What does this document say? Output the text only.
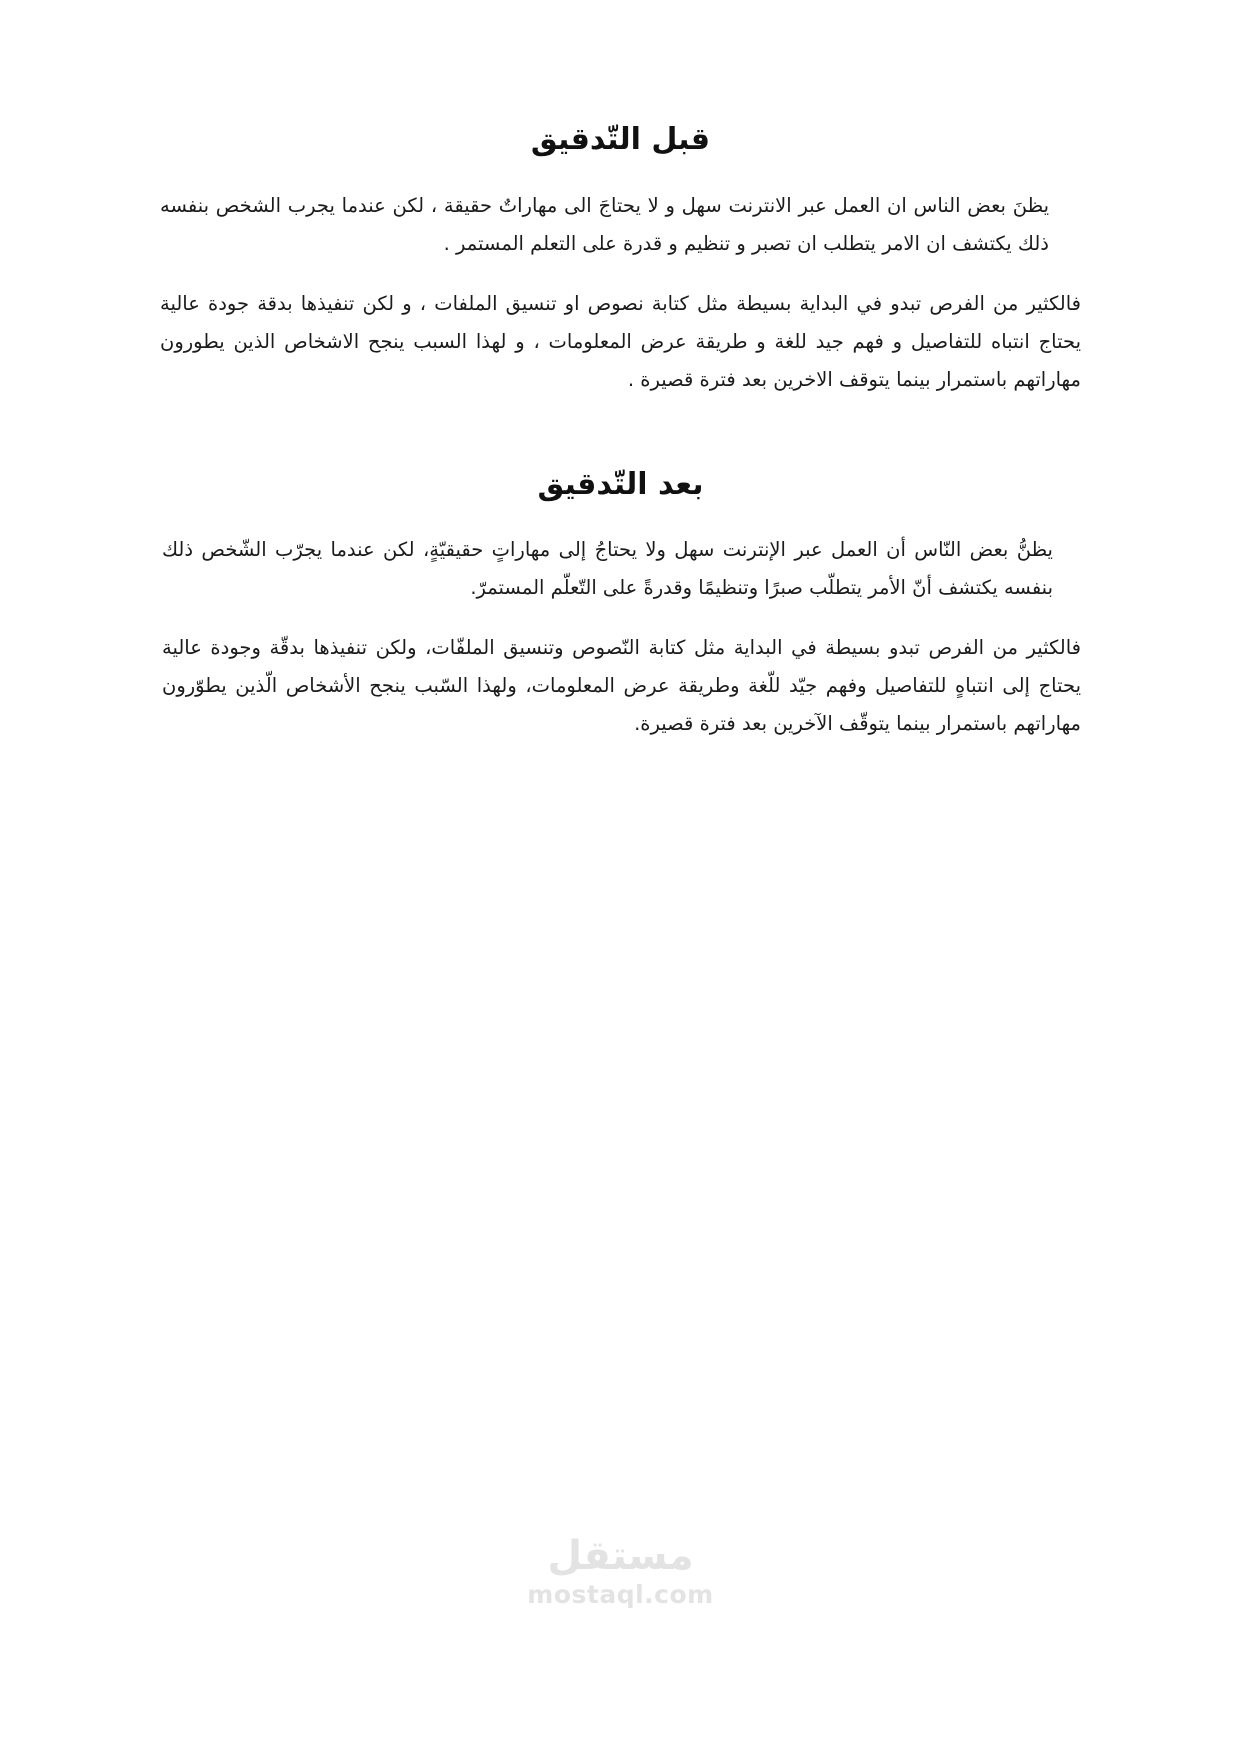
قبل التّدقيق

يظنَ بعض الناس ان العمل عبر الانترنت سهل و لا يحتاجَ الى مهاراتٌ حقيقة ، لكن عندما يجرب الشخص بنفسه ذلك يكتشف ان الامر يتطلب ان تصبر و تنظيم و قدرة على التعلم المستمر .

فالكثير من الفرص تبدو في البداية بسيطة مثل كتابة نصوص او تنسيق الملفات ، و لكن تنفيذها بدقة جودة عالية يحتاج انتباه للتفاصيل و فهم جيد للغة و طريقة عرض المعلومات ، و لهذا السبب ينجح الاشخاص الذين يطورون مهاراتهم باستمرار بينما يتوقف الاخرين بعد فترة قصيرة .

بعد التّدقيق

يظنُّ بعض النّاس أن العمل عبر الإنترنت سهل ولا يحتاجُ إلى مهاراتٍ حقيقيّةٍ، لكن عندما يجرّب الشّخص ذلك بنفسه يكتشف أنّ الأمر يتطلّب صبرًا وتنظيمًا وقدرةً على التّعلّم المستمرّ.

فالكثير من الفرص تبدو بسيطة في البداية مثل كتابة النّصوص وتنسيق الملفّات، ولكن تنفيذها بدقّة وجودة عالية يحتاج إلى انتباهٍ للتفاصيل وفهم جيّد للّغة وطريقة عرض المعلومات، ولهذا السّبب ينجح الأشخاص الّذين يطوّرون مهاراتهم باستمرار بينما يتوقّف الآخرين بعد فترة قصيرة.

مستقل
mostaql.com
